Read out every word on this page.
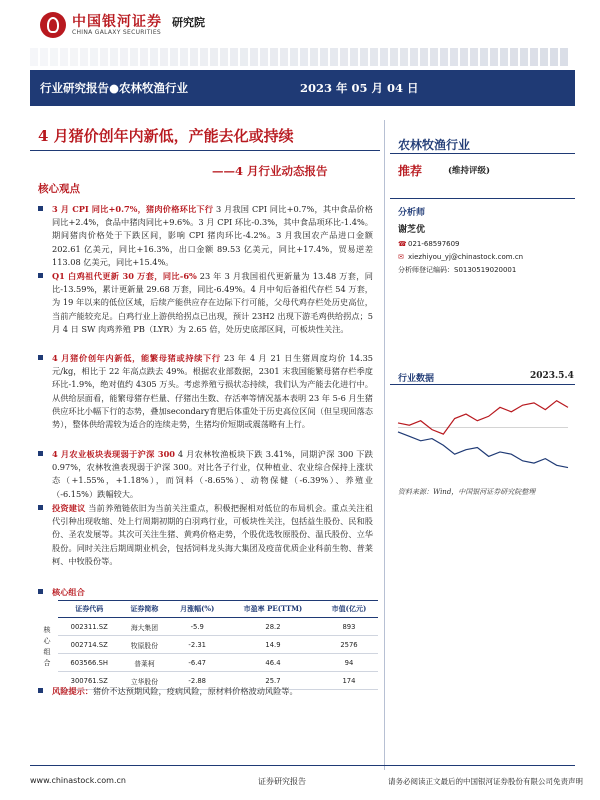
中国银河证券
CHINA GALAXY SECURITIES
研究院
行业研究报告●农林牧渔行业	2023 年 05 月 04 日
4 月猪价创年内新低，产能去化或持续
——4 月行业动态报告
核心观点
农林牧渔行业
推荐	(维持评级)
分析师
谢芝优
☎021-68597609
✉ xiezhiyou_yj@chinastock.com.cn
分析师登记编码：S0130519020001
行业数据	2023.5.4
资料来源：Wind，中国银河证券研究院整理
3 月 CPI 同比+0.7%，猪肉价格环比下行 3 月我国 CPI 同比+0.7%，其中食品价格同比+2.4%，食品中猪肉同比+9.6%。3 月 CPI 环比-0.3%，其中食品项环比-1.4%。期间猪肉价格处于下跌区间，影响 CPI 猪肉环比-4.2%。3 月我国农产品进口金额 202.61 亿美元，同比+16.3%，出口金额 89.53 亿美元，同比+17.4%，贸易逆差 113.08 亿美元，同比+15.4%。
Q1 白鸡祖代更新 30 万套，同比-6% 23 年 3 月我国祖代更新量为 13.48 万套，同比-13.59%，累计更新量 29.68 万套，同比-6.49%。4 月中旬后备祖代存栏 54 万套，为 19 年以来的低位区域，后续产能供应存在边际下行可能，父母代鸡存栏处历史高位，当前产能较充足。白鸡行业上游供给拐点已出现，预计 23H2 出现下游毛鸡供给拐点；5 月 4 日 SW 肉鸡养殖 PB（LYR）为 2.65 倍，处历史底部区间，可板块性关注。
4 月猪价创年内新低，能繁母猪或持续下行 23 年 4 月 21 日生猪周度均价 14.35 元/kg，相比于 22 年高点跌去 49%。根据农业部数据，2301 末我国能繁母猪存栏季度环比-1.9%，绝对值约 4305 万头。考虑养殖亏损状态持续，我们认为产能去化进行中。从供给层面看，能繁母猪存栏量、仔猪出生数、存活率等情况基本表明 23 年 5-6 月生猪供应环比小幅下行的态势，叠加secondary育肥后体重处于历史高位区间（但呈现回落态势），整体供给需较为适合的连续走势，生猪均价短期或震荡略有上行。
4 月农业板块表现弱于沪深 300 4 月农林牧渔板块下跌 3.41%，同期沪深 300 下跌 0.97%，农林牧渔表现弱于沪深 300。对比各子行业，仅种植业、农业综合保持上涨状态（+1.55%，+1.18%），而饲料（-8.65%）、动物保健（-6.39%）、养殖业（-6.15%）跌幅较大。
投资建议 当前养殖链依旧为当前关注重点，积极把握相对低位的布局机会。重点关注祖代引种出现收缩、处上行周期初期的白羽鸡行业，可板块性关注，包括益生股份、民和股份、圣农发展等。其次可关注生猪、黄鸡价格走势，个股优选牧原股份、温氏股份、立华股份。同时关注后期周期业机会，包括饲料龙头海大集团及疫苗优质企业科前生物、普莱柯、中牧股份等。
核心组合
核心组合
证券代码	证券简称	月涨幅(%)	市盈率 PE(TTM)	市值(亿元)
002311.SZ	海大集团	-5.9	28.2	893
002714.SZ	牧原股份	-2.31	14.9	2576
603566.SH	普莱柯	-6.47	46.4	94
300761.SZ	立华股份	-2.88	25.7	174
风险提示：猪价不达预期风险，疫病风险，原材料价格波动风险等。
www.chinastock.com.cn	证券研究报告	请务必阅读正文最后的中国银河证券股份有限公司免责声明
